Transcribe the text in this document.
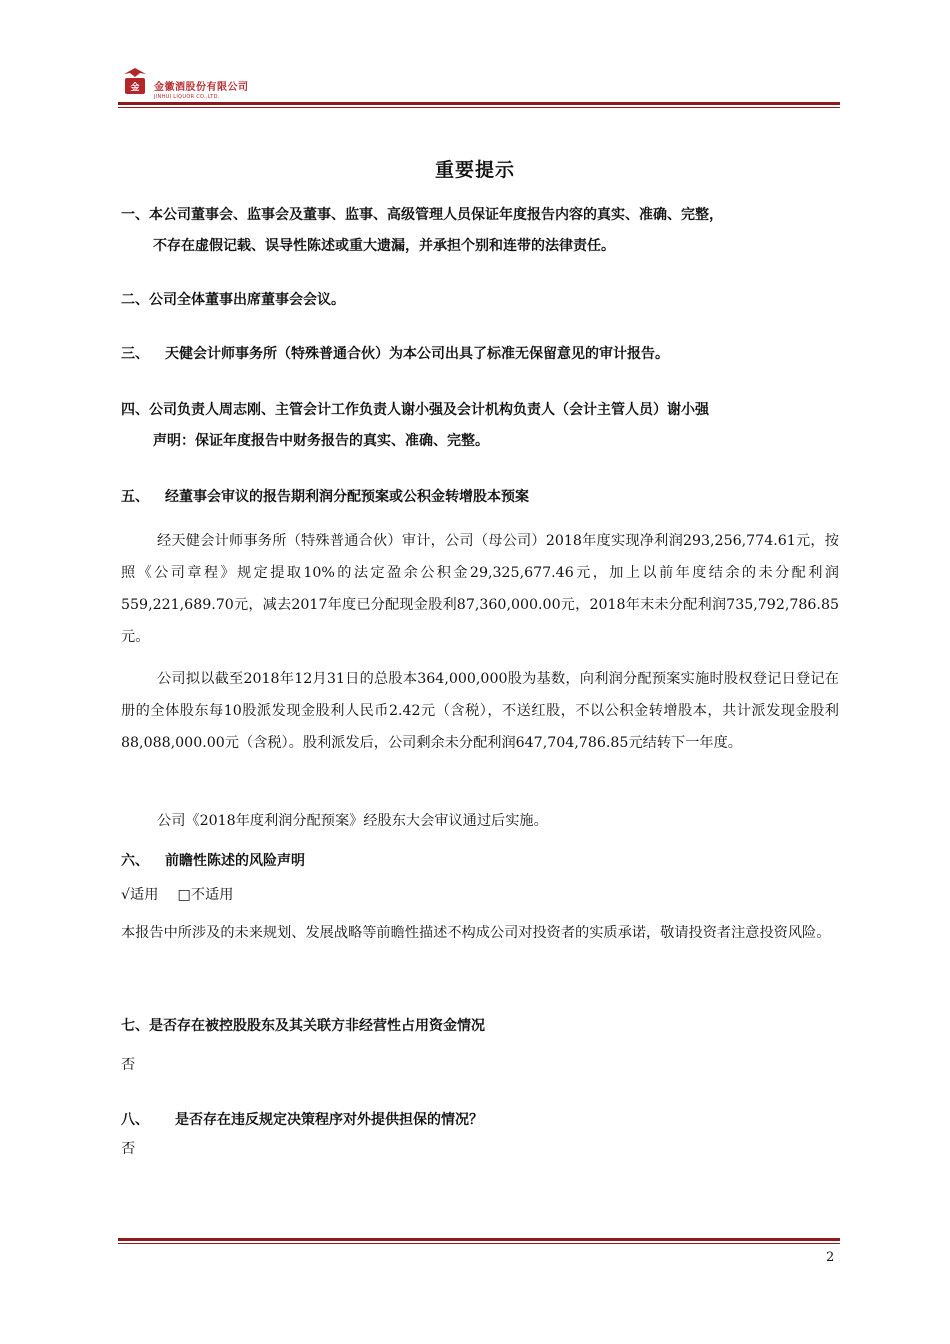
金 金徽酒股份有限公司
JINHUI LIQUOR CO.,LTD.
重要提示
一、本公司董事会、监事会及董事、监事、高级管理人员保证年度报告内容的真实、准确、完整，
不存在虚假记载、误导性陈述或重大遗漏，并承担个别和连带的法律责任。
二、公司全体董事出席董事会会议。
三、 天健会计师事务所（特殊普通合伙）为本公司出具了标准无保留意见的审计报告。
四、公司负责人周志刚、主管会计工作负责人谢小强及会计机构负责人（会计主管人员）谢小强
声明：保证年度报告中财务报告的真实、准确、完整。
五、 经董事会审议的报告期利润分配预案或公积金转增股本预案
经天健会计师事务所（特殊普通合伙）审计，公司（母公司）2018年度实现净利润293,256,774.61元，按照《公司章程》规定提取10%的法定盈余公积金29,325,677.46元，加上以前年度结余的未分配利润559,221,689.70元，减去2017年度已分配现金股利87,360,000.00元，2018年末未分配利润735,792,786.85元。
公司拟以截至2018年12月31日的总股本364,000,000股为基数，向利润分配预案实施时股权登记日登记在册的全体股东每10股派发现金股利人民币2.42元（含税），不送红股，不以公积金转增股本，共计派发现金股利88,088,000.00元（含税）。股利派发后，公司剩余未分配利润647,704,786.85元结转下一年度。
公司《2018年度利润分配预案》经股东大会审议通过后实施。
六、 前瞻性陈述的风险声明
√适用 □不适用
本报告中所涉及的未来规划、发展战略等前瞻性描述不构成公司对投资者的实质承诺，敬请投资者注意投资风险。
七、是否存在被控股股东及其关联方非经营性占用资金情况
否
八、 是否存在违反规定决策程序对外提供担保的情况？
否
2
